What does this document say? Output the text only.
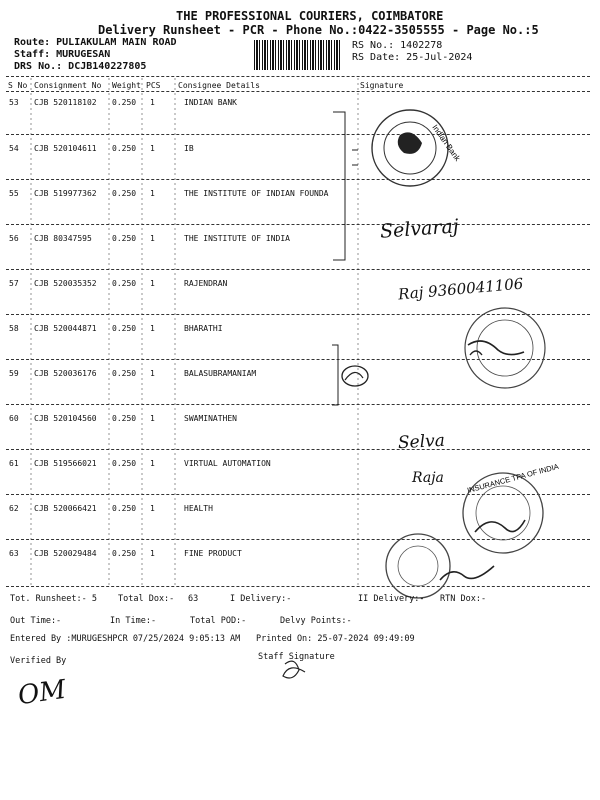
THE PROFESSIONAL COURIERS, COIMBATORE
Delivery Runsheet - PCR - Phone No.:0422-3505555 - Page No.:5
Route: PULIAKULAM MAIN ROAD
Staff: MURUGESAN
DRS No.: DCJB140227805
RS No.: 1402278
RS Date: 25-Jul-2024
S No Consignment No Weight PCS Consignee Details	Signature
53 CJB 520118102 0.250 1	INDIAN BANK
54 CJB 520104611 0.250 1	IB
55 CJB 519977362 0.250 1	THE INSTITUTE OF INDIAN FOUNDA
56 CJB 80347595	0.250 1	THE INSTITUTE OF INDIA
57 CJB 520035352 0.250 1	RAJENDRAN
58 CJB 520044871 0.250 1	BHARATHI
59 CJB 520036176 0.250 1	BALASUBRAMANIAM
60 CJB 520104560 0.250 1	SWAMINATHEN
61 CJB 519566021 0.250 1	VIRTUAL AUTOMATION
62 CJB 520066421 0.250 1	HEALTH
63 CJB 520029484 0.250 1	FINE PRODUCT
Indian Bank
INSURANCE TPA OF INDIA
Selvaraj
Raj 9360041106
Selva
Raja
OM
Tot. Runsheet:- 5 Total Dox:- 63	I Delivery:-	II Delivery:- RTN Dox:-
Out Time:-	In Time:-	Total POD:-	Delvy Points:-
Entered By :MURUGESHPCR 07/25/2024 9:05:13 AM Printed On: 25-07-2024 09:49:09
Verified By	Staff Signature
